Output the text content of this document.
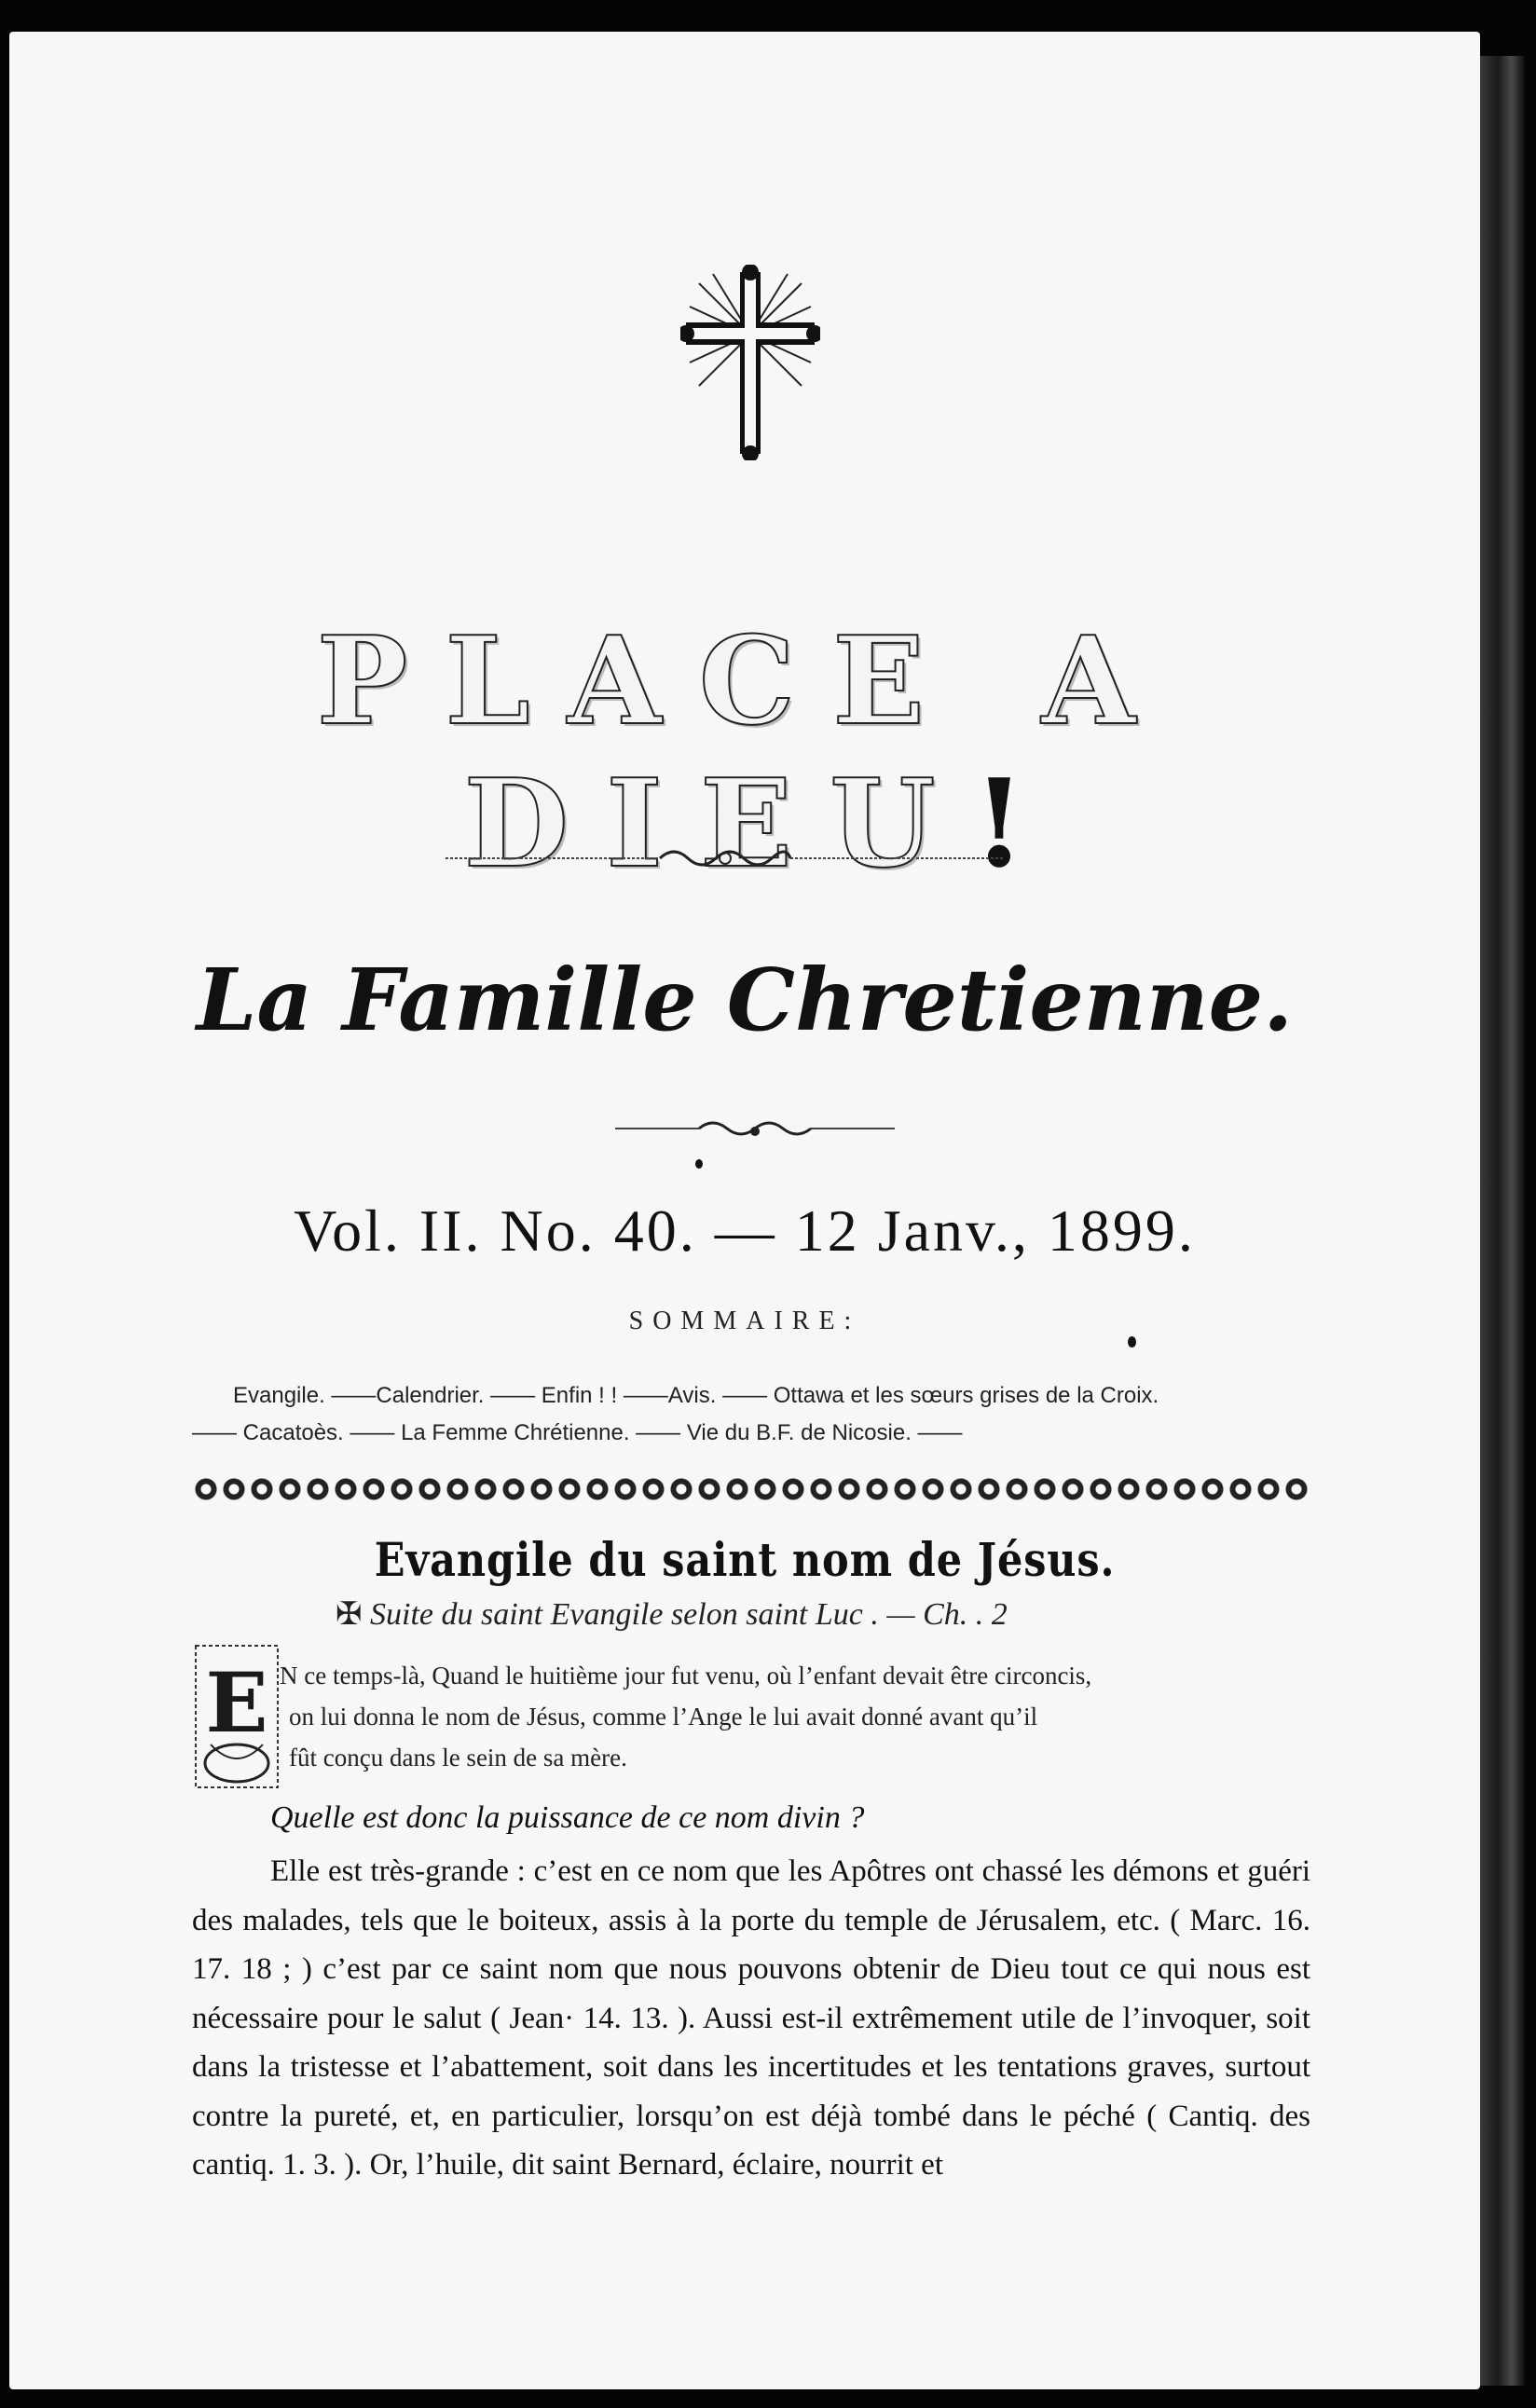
PLACE A DIEU!
La Famille Chretienne.
Vol. II. No. 40. — 12 Janv., 1899.
SOMMAIRE:
Evangile. ——Calendrier. —— Enfin ! ! ——Avis. —— Ottawa et les sœurs grises de la Croix.
—— Cacatoès. —— La Femme Chrétienne. —— Vie du B.F. de Nicosie. ——
Evangile du saint nom de Jésus.
✠ Suite du saint Evangile selon saint Luc . — Ch. . 2
E N ce temps-là, Quand le huitième jour fut venu, où l’enfant devait être circoncis,

on lui donna le nom de Jésus, comme l’Ange le lui avait donné avant qu’il

fût conçu dans le sein de sa mère.

Quelle est donc la puissance de ce nom divin ?
Elle est très-grande : c’est en ce nom que les Apôtres ont chassé les démons et guéri des malades, tels que le boiteux, assis à la porte du temple de Jérusalem, etc. ( Marc. 16. 17. 18 ; ) c’est par ce saint nom que nous pouvons obtenir de Dieu tout ce qui nous est nécessaire pour le salut ( Jean· 14. 13. ). Aussi est-il extrêmement utile de l’invoquer, soit dans la tristesse et l’abattement, soit dans les incertitudes et les tentations graves, surtout contre la pureté, et, en particulier, lorsqu’on est déjà tombé dans le péché ( Cantiq. des cantiq. 1. 3. ). Or, l’huile, dit saint Bernard, éclaire, nourrit et
